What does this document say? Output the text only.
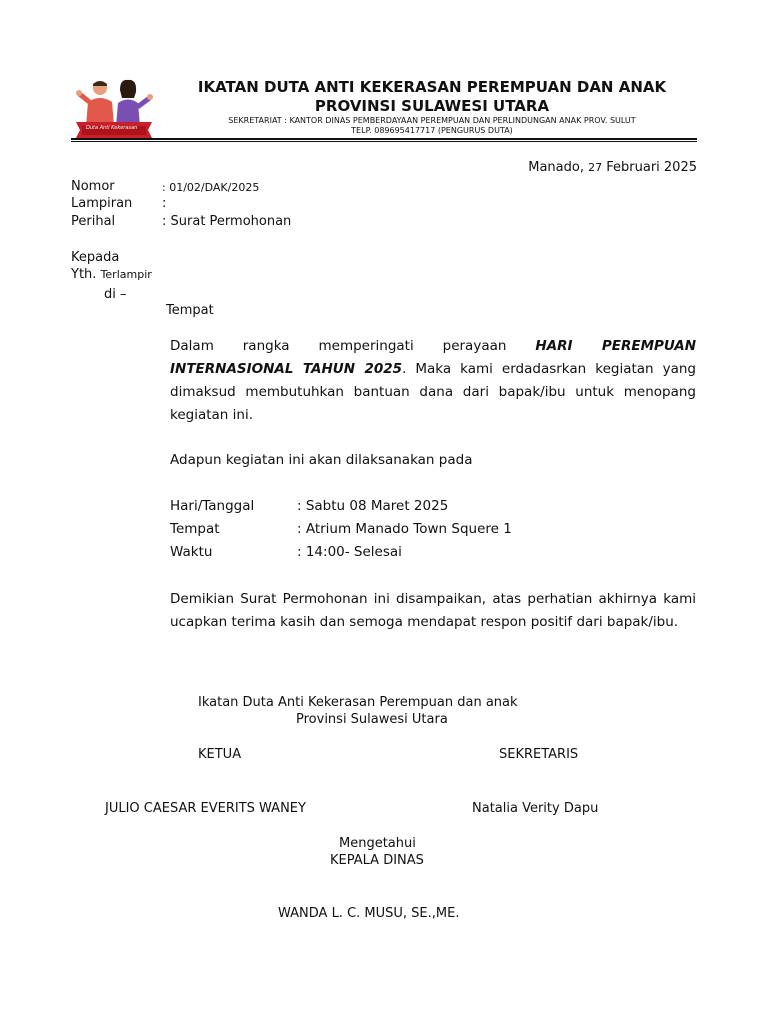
Duta Anti Kekerasan
IKATAN DUTA ANTI KEKERASAN PEREMPUAN DAN ANAK
PROVINSI SULAWESI UTARA
SEKRETARIAT : KANTOR DINAS PEMBERDAYAAN PEREMPUAN DAN PERLINDUNGAN ANAK PROV. SULUT
TELP. 089695417717 (PENGURUS DUTA)
Manado, 27 Februari 2025
Nomor	: 01/02/DAK/2025
Lampiran :
Perihal	: Surat Permohonan
Kepada
Yth. Terlampir
di –
Tempat
Dalam rangka memperingati perayaan HARI PEREMPUAN INTERNASIONAL TAHUN 2025. Maka kami erdadasrkan kegiatan yang dimaksud membutuhkan bantuan dana dari bapak/ibu untuk menopang kegiatan ini.
Adapun kegiatan ini akan dilaksanakan pada
Hari/Tanggal	: Sabtu 08 Maret 2025
Tempat	: Atrium Manado Town Squere 1
Waktu	: 14:00- Selesai
Demikian Surat Permohonan ini disampaikan, atas perhatian akhirnya kami ucapkan terima kasih dan semoga mendapat respon positif dari bapak/ibu.
Ikatan Duta Anti Kekerasan Perempuan dan anak
Provinsi Sulawesi Utara
KETUA	SEKRETARIS
JULIO CAESAR EVERITS WANEY	Natalia Verity Dapu
Mengetahui
KEPALA DINAS
WANDA L. C. MUSU, SE.,ME.
